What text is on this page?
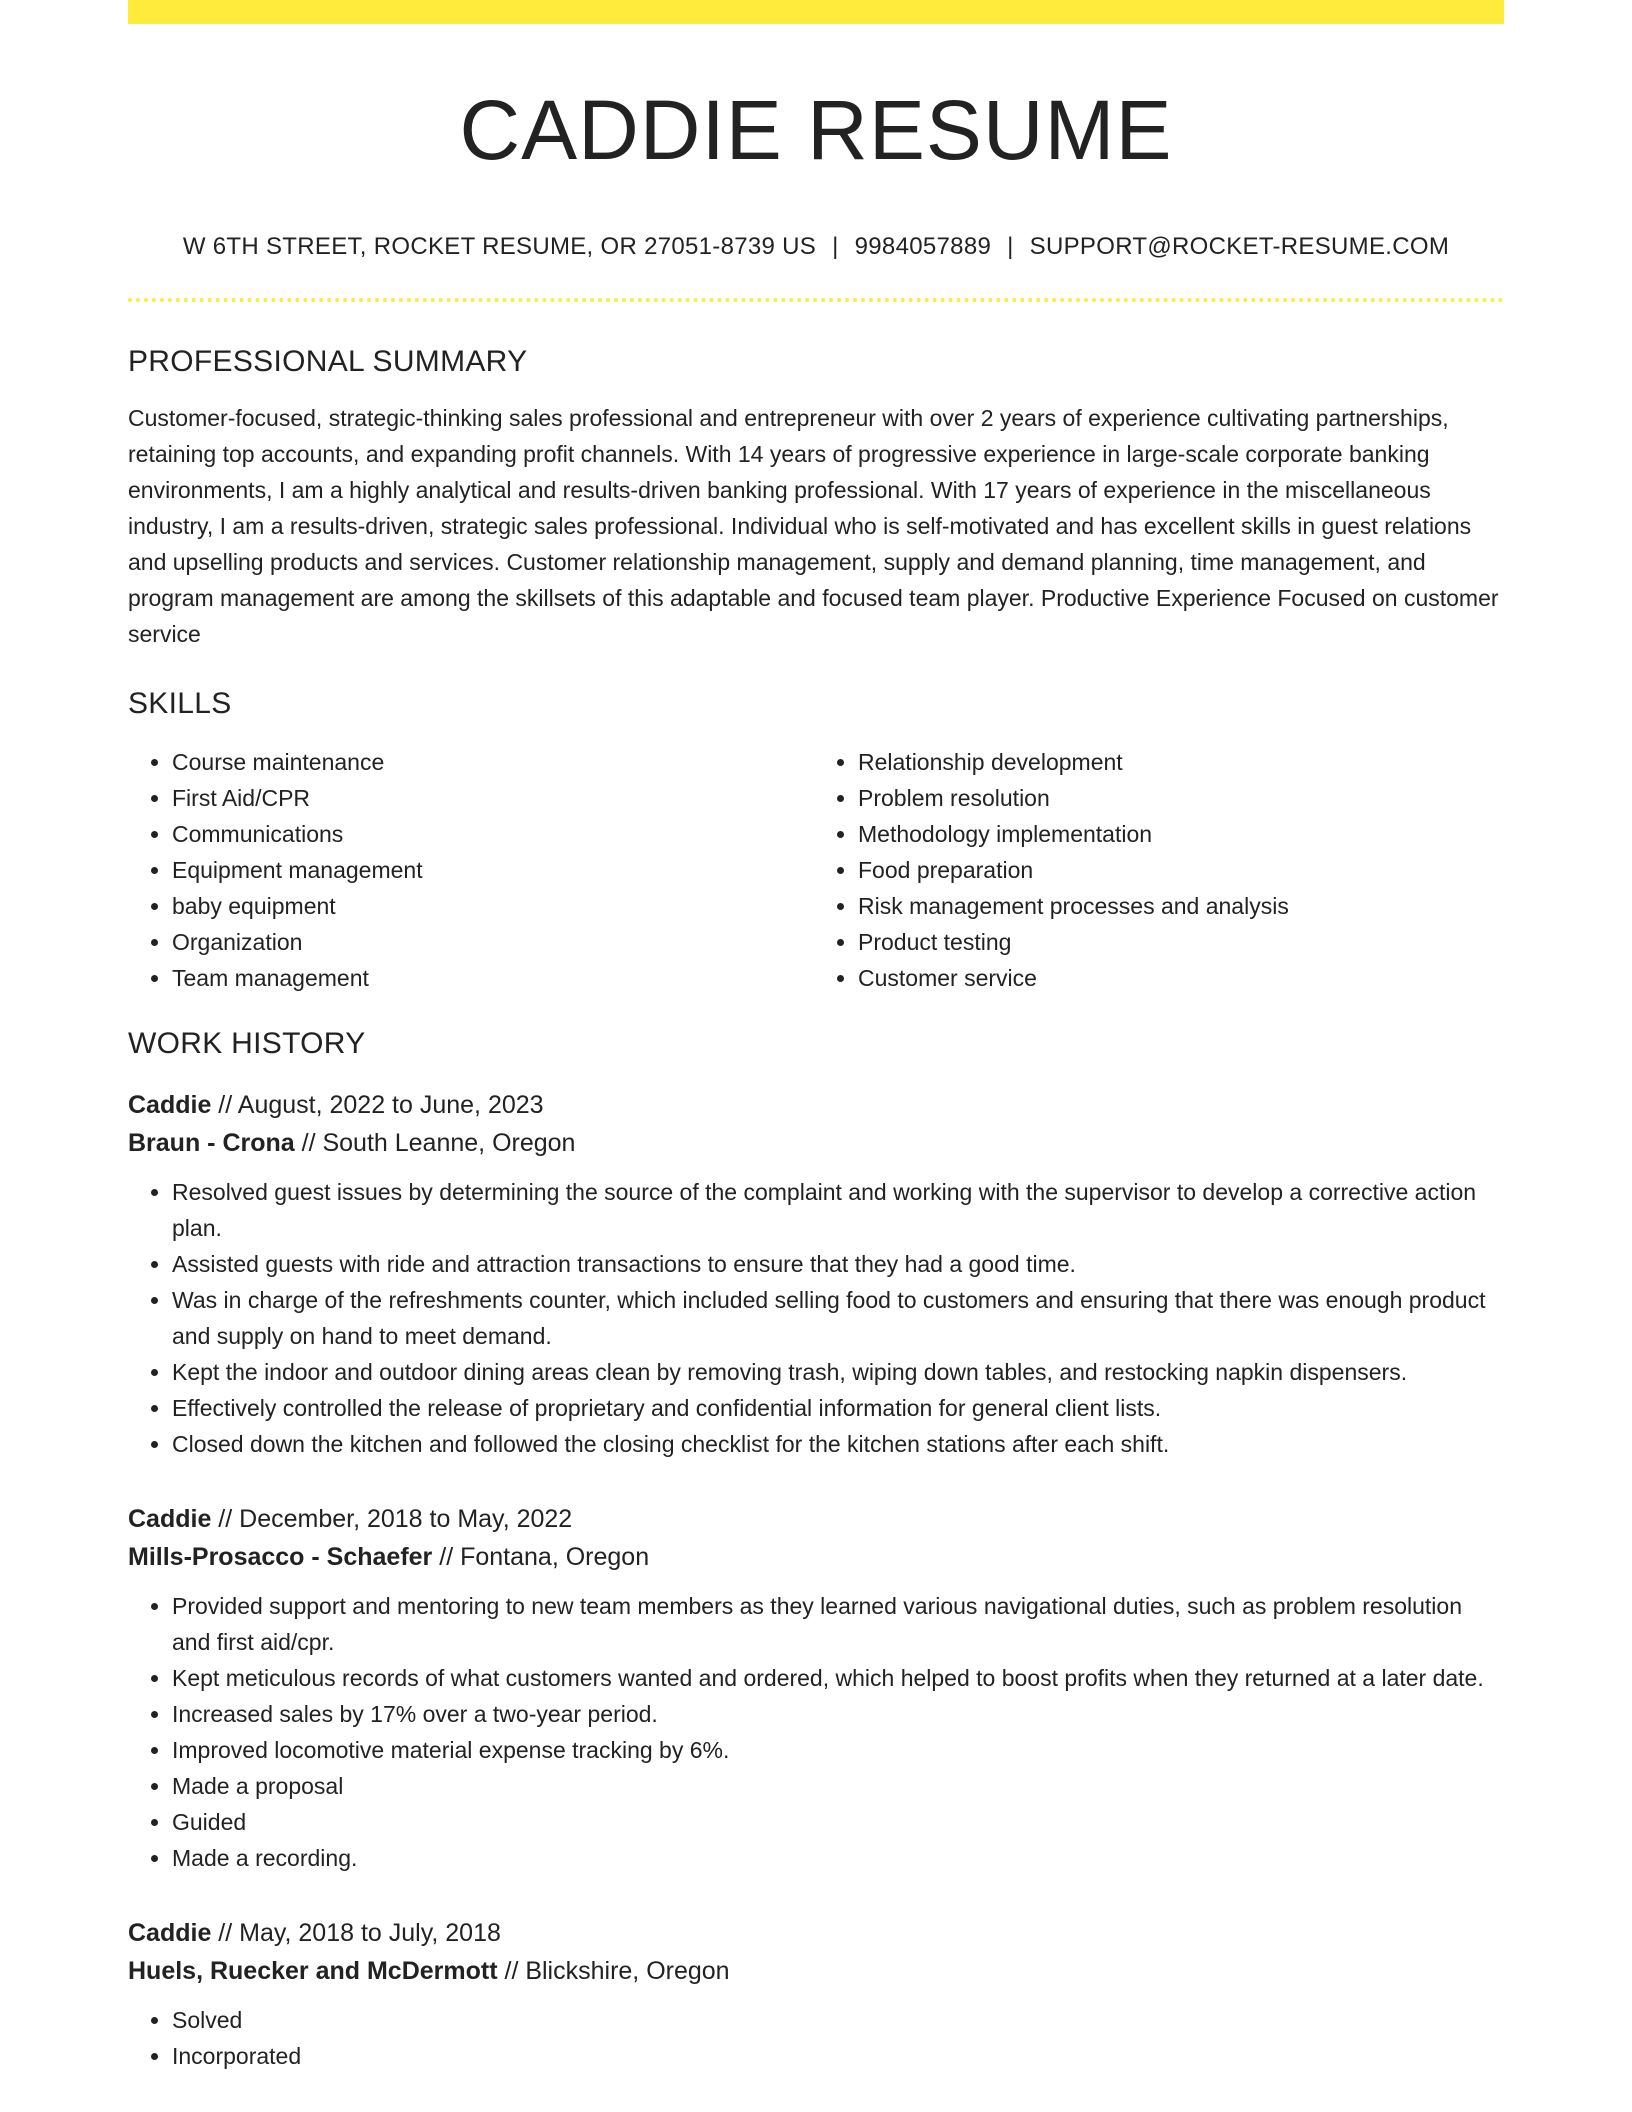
CADDIE RESUME
W 6TH STREET, ROCKET RESUME, OR 27051-8739 US | 9984057889 | SUPPORT@ROCKET-RESUME.COM
PROFESSIONAL SUMMARY

Customer-focused, strategic-thinking sales professional and entrepreneur with over 2 years of experience cultivating partnerships, retaining top accounts, and expanding profit channels. With 14 years of progressive experience in large-scale corporate banking environments, I am a highly analytical and results-driven banking professional. With 17 years of experience in the miscellaneous industry, I am a results-driven, strategic sales professional. Individual who is self-motivated and has excellent skills in guest relations and upselling products and services. Customer relationship management, supply and demand planning, time management, and program management are among the skillsets of this adaptable and focused team player. Productive Experience Focused on customer service

SKILLS
• Course maintenance
• First Aid/CPR
• Communications
• Equipment management
• baby equipment
• Organization
• Team management
• Relationship development
• Problem resolution
• Methodology implementation
• Food preparation
• Risk management processes and analysis
• Product testing
• Customer service
WORK HISTORY
Caddie // August, 2022 to June, 2023
Braun - Crona // South Leanne, Oregon
• Resolved guest issues by determining the source of the complaint and working with the supervisor to develop a corrective action plan.
• Assisted guests with ride and attraction transactions to ensure that they had a good time.
• Was in charge of the refreshments counter, which included selling food to customers and ensuring that there was enough product and supply on hand to meet demand.
• Kept the indoor and outdoor dining areas clean by removing trash, wiping down tables, and restocking napkin dispensers.
• Effectively controlled the release of proprietary and confidential information for general client lists.
• Closed down the kitchen and followed the closing checklist for the kitchen stations after each shift.
Caddie // December, 2018 to May, 2022
Mills-Prosacco - Schaefer // Fontana, Oregon
• Provided support and mentoring to new team members as they learned various navigational duties, such as problem resolution and first aid/cpr.
• Kept meticulous records of what customers wanted and ordered, which helped to boost profits when they returned at a later date.
• Increased sales by 17% over a two-year period.
• Improved locomotive material expense tracking by 6%.
• Made a proposal
• Guided
• Made a recording.
Caddie // May, 2018 to July, 2018
Huels, Ruecker and McDermott // Blickshire, Oregon
• Solved
• Incorporated
